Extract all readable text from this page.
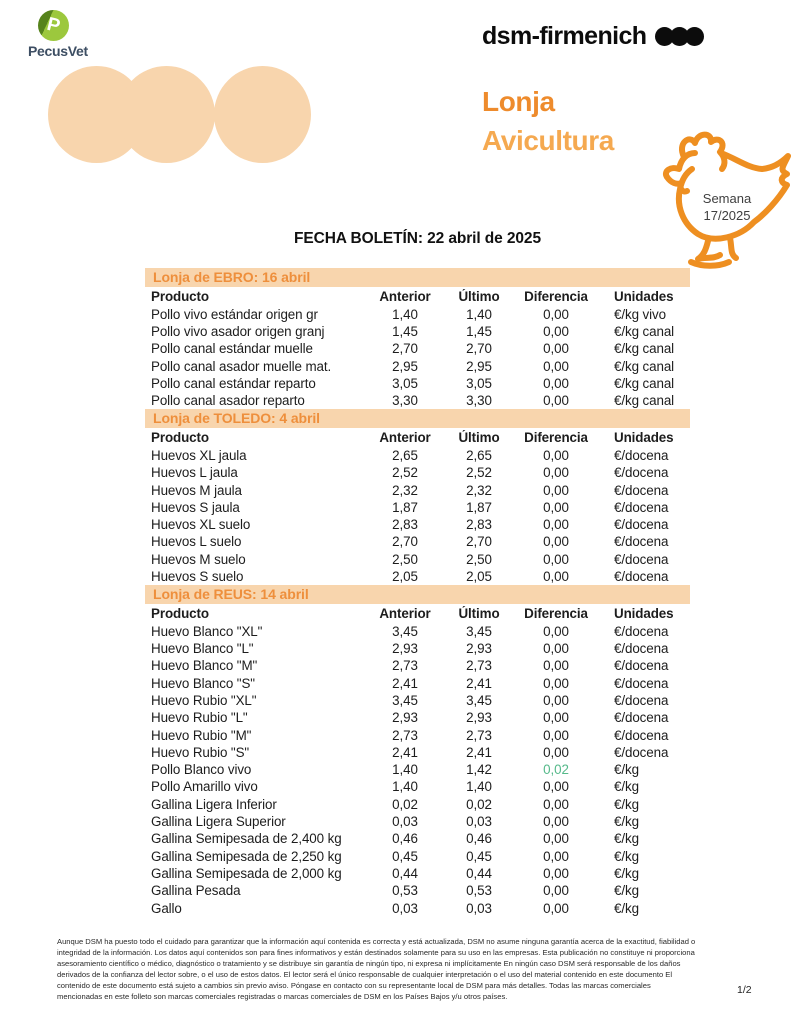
P
PecusVet
dsm-firmenich
Lonja
Avicultura
Semana
17/2025
FECHA BOLETÍN: 22 abril de 2025
Lonja de EBRO: 16 abril
Producto	Anterior	Último	Diferencia	Unidades
Pollo vivo estándar origen gr	1,40	1,40	0,00	€/kg vivo
Pollo vivo asador origen granj	1,45	1,45	0,00	€/kg canal
Pollo canal estándar muelle	2,70	2,70	0,00	€/kg canal
Pollo canal asador muelle mat.	2,95	2,95	0,00	€/kg canal
Pollo canal estándar reparto	3,05	3,05	0,00	€/kg canal
Pollo canal asador reparto	3,30	3,30	0,00	€/kg canal
Lonja de TOLEDO: 4 abril
Producto	Anterior	Último	Diferencia	Unidades
Huevos XL jaula	2,65	2,65	0,00	€/docena
Huevos L jaula	2,52	2,52	0,00	€/docena
Huevos M jaula	2,32	2,32	0,00	€/docena
Huevos S jaula	1,87	1,87	0,00	€/docena
Huevos XL suelo	2,83	2,83	0,00	€/docena
Huevos L suelo	2,70	2,70	0,00	€/docena
Huevos M suelo	2,50	2,50	0,00	€/docena
Huevos S suelo	2,05	2,05	0,00	€/docena
Lonja de REUS: 14 abril
Producto	Anterior	Último	Diferencia	Unidades
Huevo Blanco "XL"	3,45	3,45	0,00	€/docena
Huevo Blanco "L"	2,93	2,93	0,00	€/docena
Huevo Blanco "M"	2,73	2,73	0,00	€/docena
Huevo Blanco "S"	2,41	2,41	0,00	€/docena
Huevo Rubio "XL"	3,45	3,45	0,00	€/docena
Huevo Rubio "L"	2,93	2,93	0,00	€/docena
Huevo Rubio "M"	2,73	2,73	0,00	€/docena
Huevo Rubio "S"	2,41	2,41	0,00	€/docena
Pollo Blanco vivo	1,40	1,42	0,02	€/kg
Pollo Amarillo vivo	1,40	1,40	0,00	€/kg
Gallina Ligera Inferior	0,02	0,02	0,00	€/kg
Gallina Ligera Superior	0,03	0,03	0,00	€/kg
Gallina Semipesada de 2,400 kg	0,46	0,46	0,00	€/kg
Gallina Semipesada de 2,250 kg	0,45	0,45	0,00	€/kg
Gallina Semipesada de 2,000 kg	0,44	0,44	0,00	€/kg
Gallina Pesada	0,53	0,53	0,00	€/kg
Gallo	0,03	0,03	0,00	€/kg

Aunque DSM ha puesto todo el cuidado para garantizar que la información aquí contenida es correcta y está actualizada, DSM no asume ninguna garantía acerca de la exactitud, fiabilidad o integridad de la información. Los datos aquí contenidos son para fines informativos y están destinados solamente para su uso en las empresas. Esta publicación no constituye ni proporciona asesoramiento científico o médico, diagnóstico o tratamiento y se distribuye sin garantía de ningún tipo, ni expresa ni implícitamente En ningún caso DSM será responsable de los daños derivados de la confianza del lector sobre, o el uso de estos datos. El lector será el único responsable de cualquier interpretación o el uso del material contenido en este documento El contenido de este documento está sujeto a cambios sin previo aviso. Póngase en contacto con su representante local de DSM para más detalles. Todas las marcas comerciales mencionadas en este folleto son marcas comerciales registradas o marcas comerciales de DSM en los Países Bajos y/u otros países.

1/2
